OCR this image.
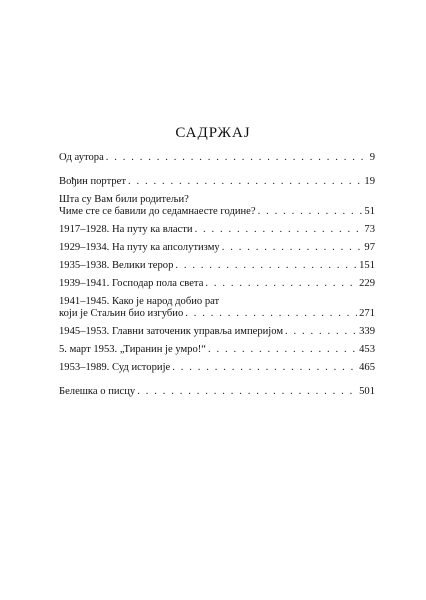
САДРЖАЈ
Од аутора . . .	9
Вођин портрет . . .	19
Шта су Вам били родитељи?
Чиме сте се бавили до седамнаесте године? . . .	51
1917–1928. На путу ка власти . . .	73
1929–1934. На путу ка апсолутизму . . .	97
1935–1938. Велики терор . . .	151
1939–1941. Господар пола света . . .	229
1941–1945. Како је народ добио рат
који је Стаљин био изгубио . . .	271
1945–1953. Главни заточеник управља империјом . . .	339
5. март 1953. „Тиранин је умро!“ . . .	453
1953–1989. Суд историје . . .	465
Белешка о писцу . . .	501
